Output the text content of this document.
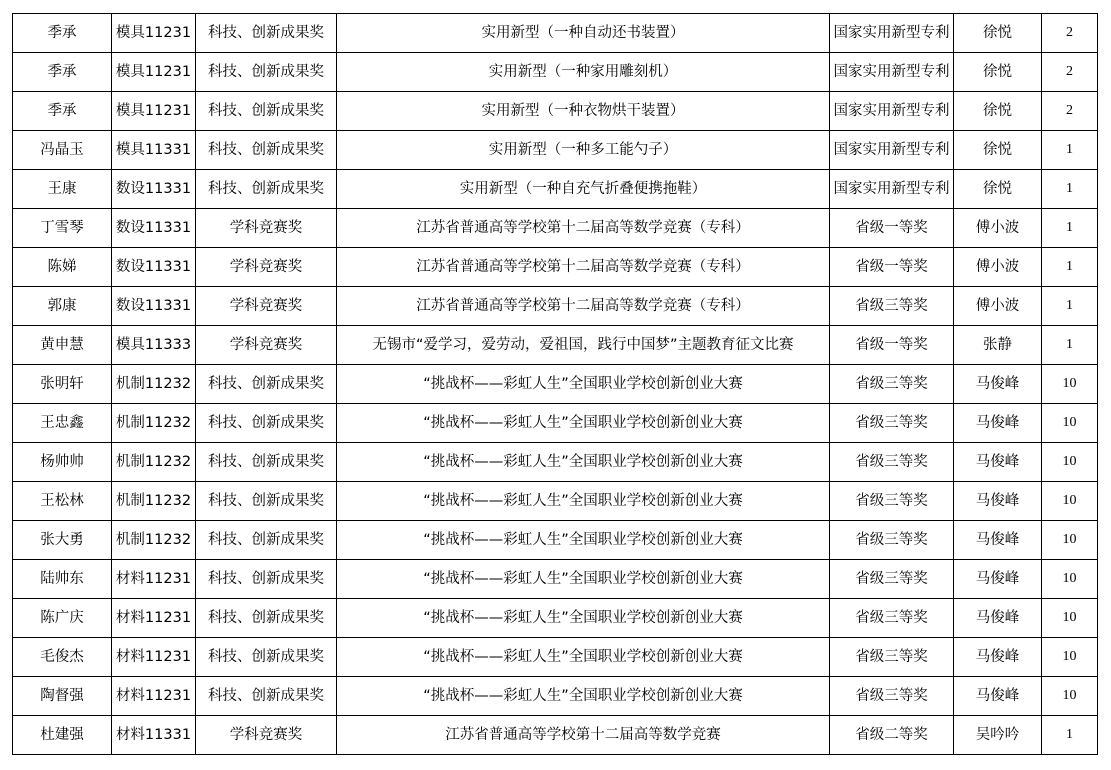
季承	模具11231	科技、创新成果奖	实用新型（一种自动还书装置）	国家实用新型专利	徐悦	2
季承	模具11231	科技、创新成果奖	实用新型（一种家用雕刻机）	国家实用新型专利	徐悦	2
季承	模具11231	科技、创新成果奖	实用新型（一种衣物烘干装置）	国家实用新型专利	徐悦	2
冯晶玉	模具11331	科技、创新成果奖	实用新型（一种多工能勺子）	国家实用新型专利	徐悦	1
王康	数设11331	科技、创新成果奖	实用新型（一种自充气折叠便携拖鞋）	国家实用新型专利	徐悦	1
丁雪琴	数设11331	学科竞赛奖	江苏省普通高等学校第十二届高等数学竞赛（专科）	省级一等奖	傅小波	1
陈娣	数设11331	学科竞赛奖	江苏省普通高等学校第十二届高等数学竞赛（专科）	省级一等奖	傅小波	1
郭康	数设11331	学科竞赛奖	江苏省普通高等学校第十二届高等数学竞赛（专科）	省级三等奖	傅小波	1
黄申慧	模具11333	学科竞赛奖	无锡市“爱学习，爱劳动，爱祖国，践行中国梦”主题教育征文比赛	省级一等奖	张静	1
张明轩	机制11232	科技、创新成果奖	“挑战杯——彩虹人生”全国职业学校创新创业大赛	省级三等奖	马俊峰	10
王忠鑫	机制11232	科技、创新成果奖	“挑战杯——彩虹人生”全国职业学校创新创业大赛	省级三等奖	马俊峰	10
杨帅帅	机制11232	科技、创新成果奖	“挑战杯——彩虹人生”全国职业学校创新创业大赛	省级三等奖	马俊峰	10
王松林	机制11232	科技、创新成果奖	“挑战杯——彩虹人生”全国职业学校创新创业大赛	省级三等奖	马俊峰	10
张大勇	机制11232	科技、创新成果奖	“挑战杯——彩虹人生”全国职业学校创新创业大赛	省级三等奖	马俊峰	10
陆帅东	材料11231	科技、创新成果奖	“挑战杯——彩虹人生”全国职业学校创新创业大赛	省级三等奖	马俊峰	10
陈广庆	材料11231	科技、创新成果奖	“挑战杯——彩虹人生”全国职业学校创新创业大赛	省级三等奖	马俊峰	10
毛俊杰	材料11231	科技、创新成果奖	“挑战杯——彩虹人生”全国职业学校创新创业大赛	省级三等奖	马俊峰	10
陶督强	材料11231	科技、创新成果奖	“挑战杯——彩虹人生”全国职业学校创新创业大赛	省级三等奖	马俊峰	10
杜建强	材料11331	学科竞赛奖	江苏省普通高等学校第十二届高等数学竞赛	省级二等奖	吴吟吟	1
